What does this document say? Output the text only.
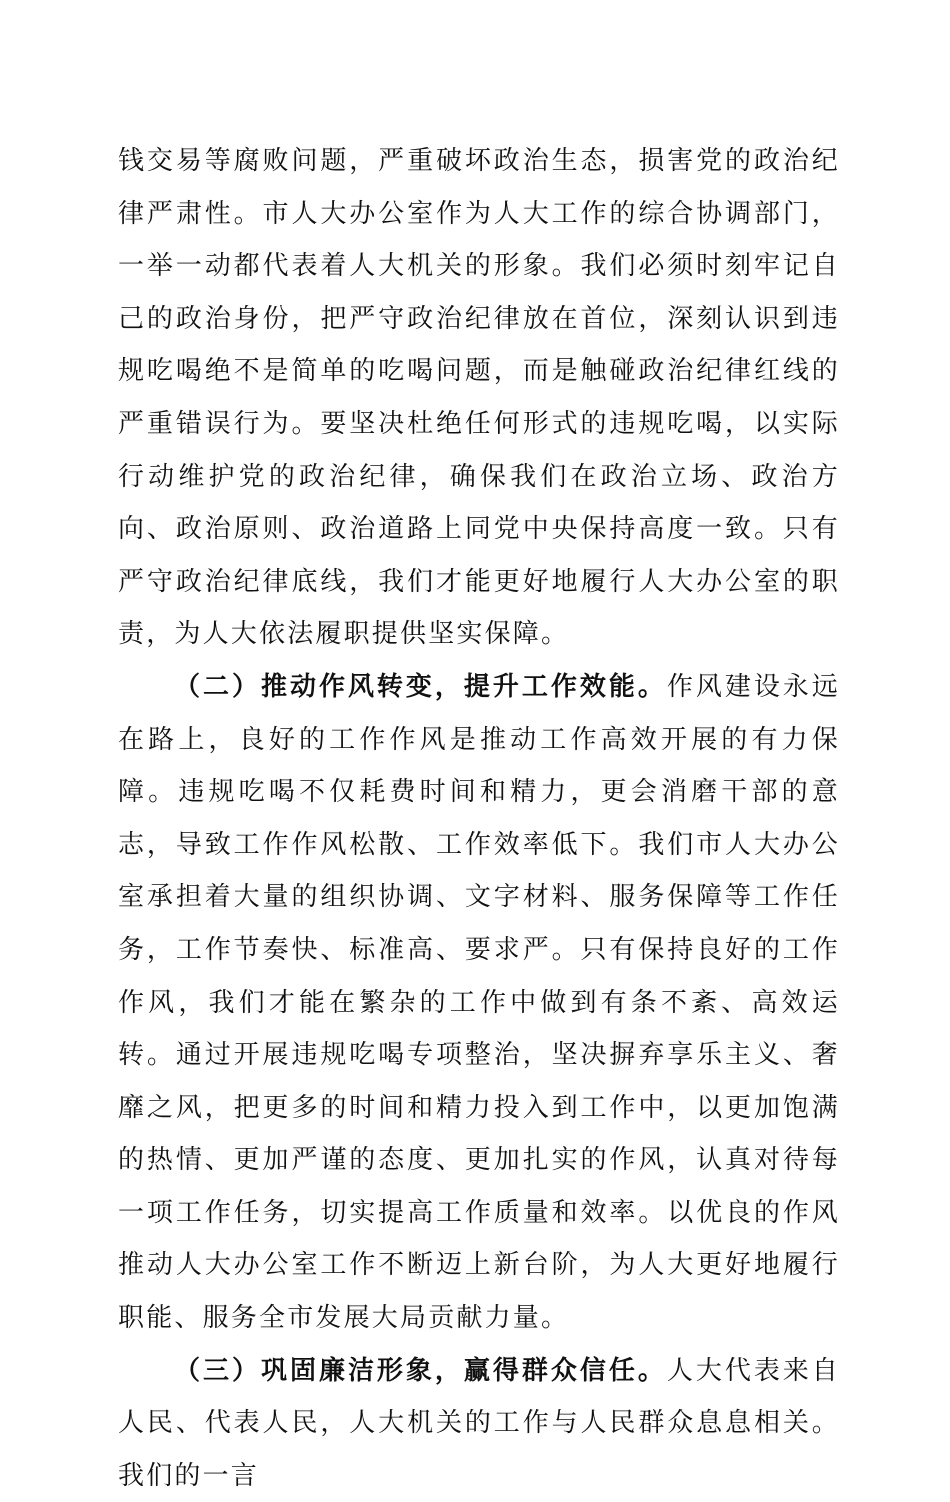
钱交易等腐败问题，严重破坏政治生态，损害党的政治纪律严肃性。市人大办公室作为人大工作的综合协调部门，一举一动都代表着人大机关的形象。我们必须时刻牢记自己的政治身份，把严守政治纪律放在首位，深刻认识到违规吃喝绝不是简单的吃喝问题，而是触碰政治纪律红线的严重错误行为。要坚决杜绝任何形式的违规吃喝，以实际行动维护党的政治纪律，确保我们在政治立场、政治方向、政治原则、政治道路上同党中央保持高度一致。只有严守政治纪律底线，我们才能更好地履行人大办公室的职责，为人大依法履职提供坚实保障。

（二）推动作风转变，提升工作效能。作风建设永远在路上，良好的工作作风是推动工作高效开展的有力保障。违规吃喝不仅耗费时间和精力，更会消磨干部的意志，导致工作作风松散、工作效率低下。我们市人大办公室承担着大量的组织协调、文字材料、服务保障等工作任务，工作节奏快、标准高、要求严。只有保持良好的工作作风，我们才能在繁杂的工作中做到有条不紊、高效运转。通过开展违规吃喝专项整治，坚决摒弃享乐主义、奢靡之风，把更多的时间和精力投入到工作中，以更加饱满的热情、更加严谨的态度、更加扎实的作风，认真对待每一项工作任务，切实提高工作质量和效率。以优良的作风推动人大办公室工作不断迈上新台阶，为人大更好地履行职能、服务全市发展大局贡献力量。

（三）巩固廉洁形象，赢得群众信任。人大代表来自人民、代表人民，人大机关的工作与人民群众息息相关。我们的一言
